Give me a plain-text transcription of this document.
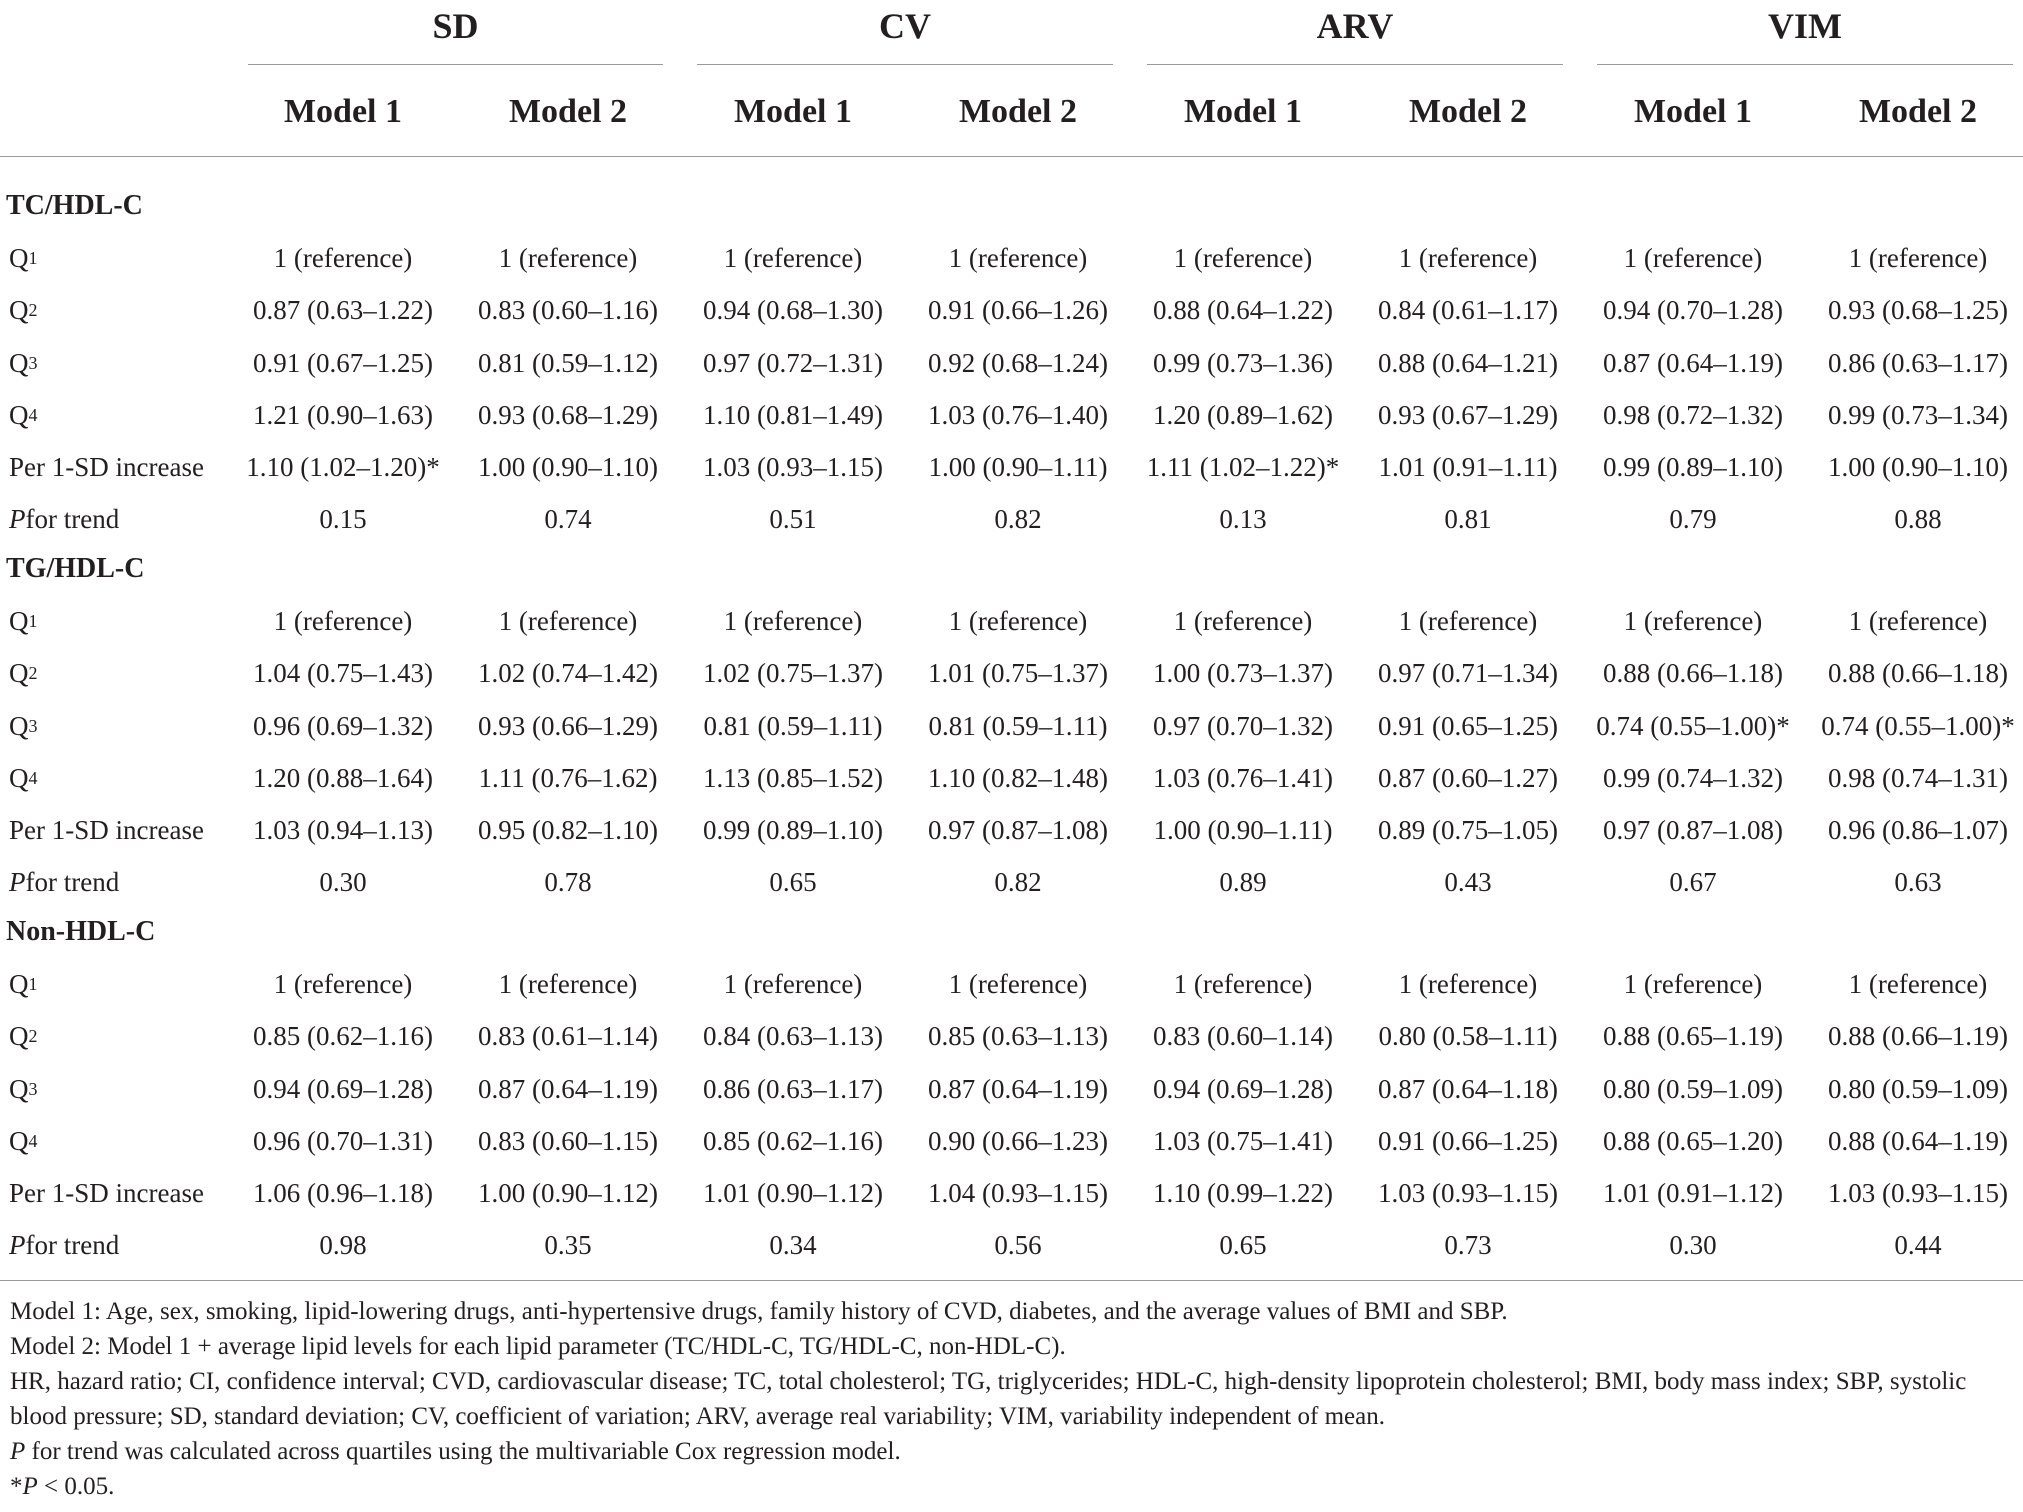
SD	CV	ARV	VIM
Model 1	Model 2	Model 1	Model 2	Model 1	Model 2	Model 1	Model 2
TC/HDL-C
Q 1	1 (reference)	1 (reference)	1 (reference)	1 (reference)	1 (reference)	1 (reference)	1 (reference)	1 (reference)
Q 2	0.87 (0.63–1.22)	0.83 (0.60–1.16)	0.94 (0.68–1.30)	0.91 (0.66–1.26)	0.88 (0.64–1.22)	0.84 (0.61–1.17)	0.94 (0.70–1.28)	0.93 (0.68–1.25)
Q 3	0.91 (0.67–1.25)	0.81 (0.59–1.12)	0.97 (0.72–1.31)	0.92 (0.68–1.24)	0.99 (0.73–1.36)	0.88 (0.64–1.21)	0.87 (0.64–1.19)	0.86 (0.63–1.17)
Q 4	1.21 (0.90–1.63)	0.93 (0.68–1.29)	1.10 (0.81–1.49)	1.03 (0.76–1.40)	1.20 (0.89–1.62)	0.93 (0.67–1.29)	0.98 (0.72–1.32)	0.99 (0.73–1.34)
Per 1-SD increase	1.10 (1.02–1.20)*	1.00 (0.90–1.10)	1.03 (0.93–1.15)	1.00 (0.90–1.11)	1.11 (1.02–1.22)*	1.01 (0.91–1.11)	0.99 (0.89–1.10)	1.00 (0.90–1.10)
P for trend	0.15	0.74	0.51	0.82	0.13	0.81	0.79	0.88
TG/HDL-C
Q 1	1 (reference)	1 (reference)	1 (reference)	1 (reference)	1 (reference)	1 (reference)	1 (reference)	1 (reference)
Q 2	1.04 (0.75–1.43)	1.02 (0.74–1.42)	1.02 (0.75–1.37)	1.01 (0.75–1.37)	1.00 (0.73–1.37)	0.97 (0.71–1.34)	0.88 (0.66–1.18)	0.88 (0.66–1.18)
Q 3	0.96 (0.69–1.32)	0.93 (0.66–1.29)	0.81 (0.59–1.11)	0.81 (0.59–1.11)	0.97 (0.70–1.32)	0.91 (0.65–1.25)	0.74 (0.55–1.00)*	0.74 (0.55–1.00)*
Q 4	1.20 (0.88–1.64)	1.11 (0.76–1.62)	1.13 (0.85–1.52)	1.10 (0.82–1.48)	1.03 (0.76–1.41)	0.87 (0.60–1.27)	0.99 (0.74–1.32)	0.98 (0.74–1.31)
Per 1-SD increase	1.03 (0.94–1.13)	0.95 (0.82–1.10)	0.99 (0.89–1.10)	0.97 (0.87–1.08)	1.00 (0.90–1.11)	0.89 (0.75–1.05)	0.97 (0.87–1.08)	0.96 (0.86–1.07)
P for trend	0.30	0.78	0.65	0.82	0.89	0.43	0.67	0.63
Non-HDL-C
Q 1	1 (reference)	1 (reference)	1 (reference)	1 (reference)	1 (reference)	1 (reference)	1 (reference)	1 (reference)
Q 2	0.85 (0.62–1.16)	0.83 (0.61–1.14)	0.84 (0.63–1.13)	0.85 (0.63–1.13)	0.83 (0.60–1.14)	0.80 (0.58–1.11)	0.88 (0.65–1.19)	0.88 (0.66–1.19)
Q 3	0.94 (0.69–1.28)	0.87 (0.64–1.19)	0.86 (0.63–1.17)	0.87 (0.64–1.19)	0.94 (0.69–1.28)	0.87 (0.64–1.18)	0.80 (0.59–1.09)	0.80 (0.59–1.09)
Q 4	0.96 (0.70–1.31)	0.83 (0.60–1.15)	0.85 (0.62–1.16)	0.90 (0.66–1.23)	1.03 (0.75–1.41)	0.91 (0.66–1.25)	0.88 (0.65–1.20)	0.88 (0.64–1.19)
Per 1-SD increase	1.06 (0.96–1.18)	1.00 (0.90–1.12)	1.01 (0.90–1.12)	1.04 (0.93–1.15)	1.10 (0.99–1.22)	1.03 (0.93–1.15)	1.01 (0.91–1.12)	1.03 (0.93–1.15)
P for trend	0.98	0.35	0.34	0.56	0.65	0.73	0.30	0.44

Model 1: Age, sex, smoking, lipid-lowering drugs, anti-hypertensive drugs, family history of CVD, diabetes, and the average values of BMI and SBP.

Model 2: Model 1 + average lipid levels for each lipid parameter (TC/HDL-C, TG/HDL-C, non-HDL-C).

HR, hazard ratio; CI, confidence interval; CVD, cardiovascular disease; TC, total cholesterol; TG, triglycerides; HDL-C, high-density lipoprotein cholesterol; BMI, body mass index; SBP, systolic blood pressure; SD, standard deviation; CV, coefficient of variation; ARV, average real variability; VIM, variability independent of mean.

P for trend was calculated across quartiles using the multivariable Cox regression model.

*P < 0.05.
